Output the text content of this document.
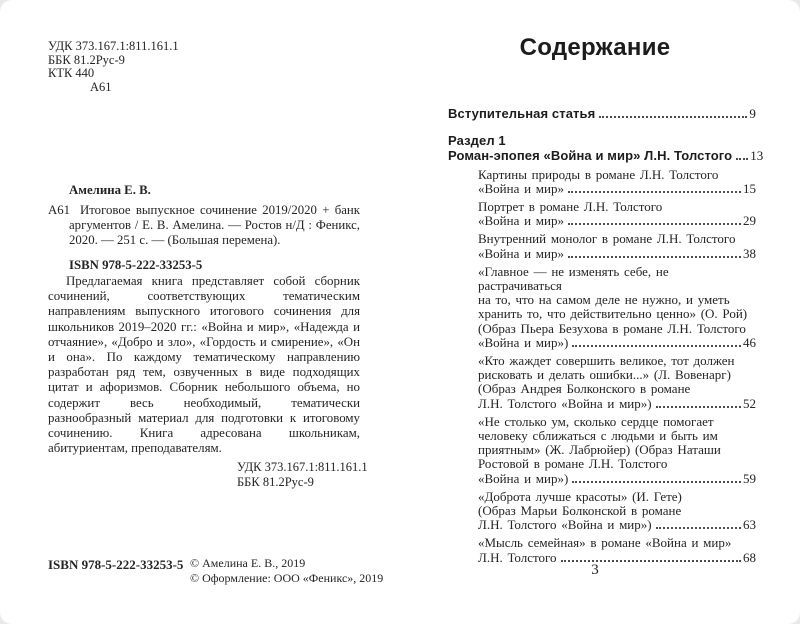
УДК 373.167.1:811.161.1
ББК 81.2Рус-9
КТК 440
А61
Амелина Е. В.
А61 Итоговое выпускное сочинение 2019/2020 + банк аргументов / Е. В. Амелина. — Ростов н/Д : Феникс, 2020. — 251 с. — (Большая перемена).
ISBN 978-5-222-33253-5
Предлагаемая книга представляет собой сборник сочинений, соответствующих тематическим направлениям выпускного итогового сочинения для школьников 2019–2020 гг.: «Война и мир», «Надежда и отчаяние», «Добро и зло», «Гордость и смирение», «Он и она». По каждому тематическому направлению разработан ряд тем, озвученных в виде подходящих цитат и афоризмов. Сборник небольшого объема, но содержит весь необходимый, тематически разнообразный материал для подготовки к итоговому сочинению. Книга адресована школьникам, абитуриентам, преподавателям.
УДК 373.167.1:811.161.1
ББК 81.2Рус-9
ISBN 978-5-222-33253-5 © Амелина Е. В., 2019
© Оформление: ООО «Феникс», 2019
Содержание
Вступительная статья	9
Раздел 1
Роман-эпопея «Война и мир» Л.Н. Толстого 13
Картины природы в романе Л.Н. Толстого
«Война и мир»	15
Портрет в романе Л.Н. Толстого
«Война и мир»	29
Внутренний монолог в романе Л.Н. Толстого
«Война и мир»	38
«Главное — не изменять себе, не растрачиваться
на то, что на самом деле не нужно, и уметь
хранить то, что действительно ценно» (О. Рой)
(Образ Пьера Безухова в романе Л.Н. Толстого
«Война и мир»)	46
«Кто жаждет совершить великое, тот должен
рисковать и делать ошибки...» (Л. Вовенарг)
(Образ Андрея Болконского в романе
Л.Н. Толстого «Война и мир»)	52
«Не столько ум, сколько сердце помогает
человеку сближаться с людьми и быть им
приятным» (Ж. Лабрюйер) (Образ Наташи
Ростовой в романе Л.Н. Толстого
«Война и мир»)	59
«Доброта лучше красоты» (И. Гете)
(Образ Марьи Болконской в романе
Л.Н. Толстого «Война и мир»)	63
«Мысль семейная» в романе «Война и мир»
Л.Н. Толстого	68
3
